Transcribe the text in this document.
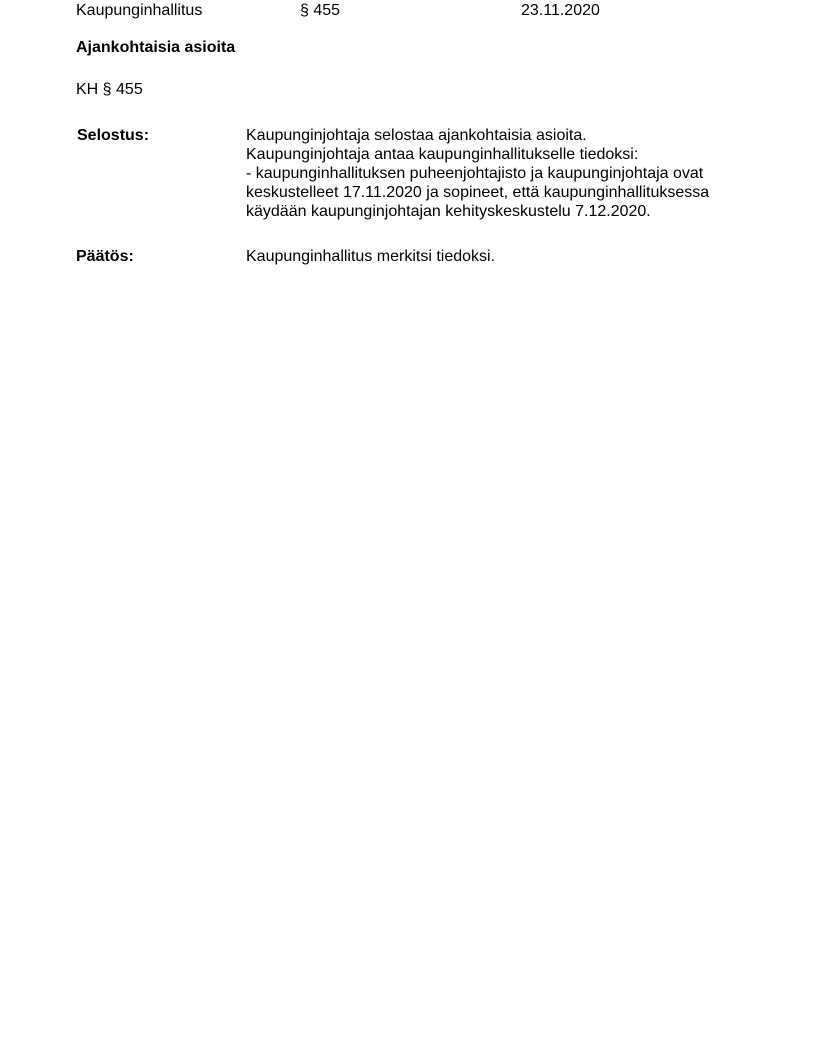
Kaupunginhallitus	§ 455	23.11.2020
Ajankohtaisia asioita
KH § 455
Selostus:	Kaupunginjohtaja selostaa ajankohtaisia asioita.
Kaupunginjohtaja antaa kaupunginhallitukselle tiedoksi:
- kaupunginhallituksen puheenjohtajisto ja kaupunginjohtaja ovat
keskustelleet 17.11.2020 ja sopineet, että kaupunginhallituksessa
käydään kaupunginjohtajan kehityskeskustelu 7.12.2020.
Päätös:	Kaupunginhallitus merkitsi tiedoksi.
